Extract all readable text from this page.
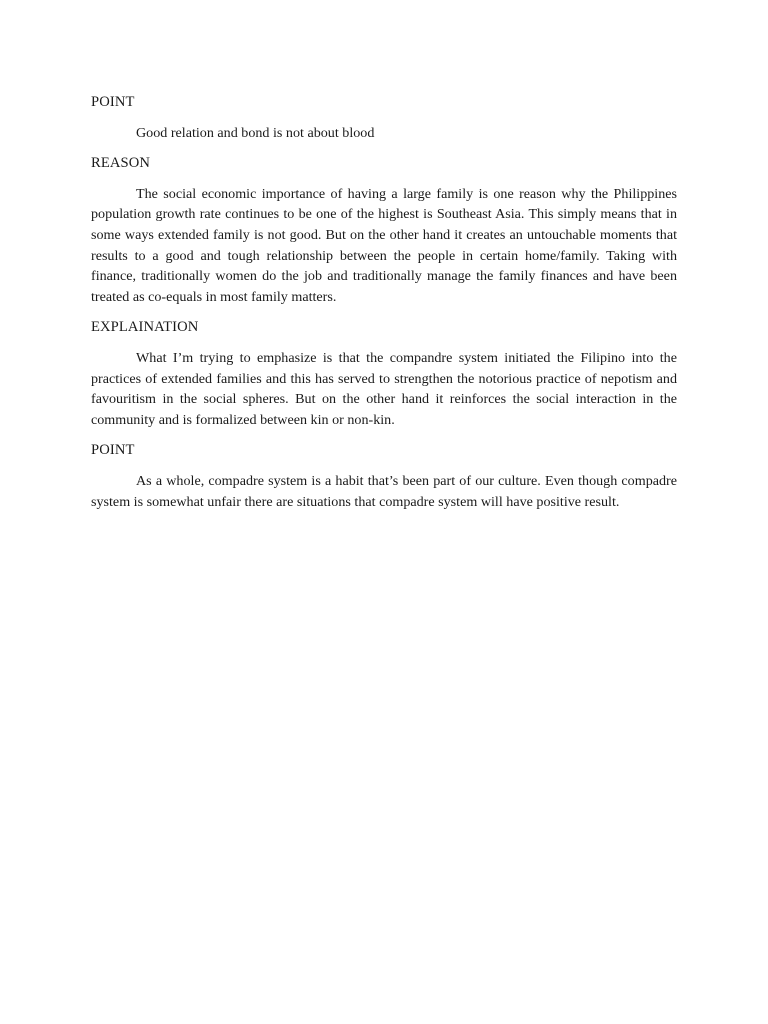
POINT
Good relation and bond is not about blood
REASON
The social economic importance of having a large family is one reason why the Philippines population growth rate continues to be one of the highest is Southeast Asia. This simply means that in some ways extended family is not good. But on the other hand it creates an untouchable moments that results to a good and tough relationship between the people in certain home/family. Taking with finance, traditionally women do the job and traditionally manage the family finances and have been treated as co-equals in most family matters.
EXPLAINATION
What I’m trying to emphasize is that the compandre system initiated the Filipino into the practices of extended families and this has served to strengthen the notorious practice of nepotism and favouritism in the social spheres. But on the other hand it reinforces the social interaction in the community and is formalized between kin or non-kin.
POINT
As a whole, compadre system is a habit that’s been part of our culture. Even though compadre system is somewhat unfair there are situations that compadre system will have positive result.
